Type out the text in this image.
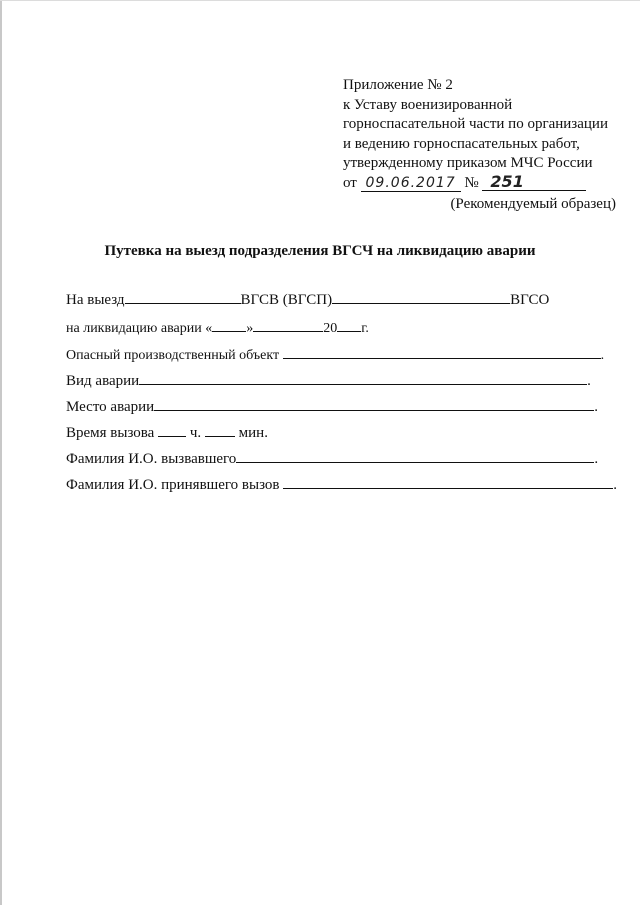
Приложение № 2
к Уставу военизированной
горноспасательной части по организации
и ведению горноспасательных работ,
утвержденному приказом МЧС России
от 09.06.2017 № 251
(Рекомендуемый образец)
Путевка на выезд подразделения ВГСЧ на ликвидацию аварии
На выезд	ВГСВ (ВГСП)	ВГСО
на ликвидацию аварии « »	20 г.
Опасный производственный объект	.
Вид аварии	.
Место аварии	.
Время вызова ч.	мин.
Фамилия И.О. вызвавшего	.
Фамилия И.О. принявшего вызов	.
